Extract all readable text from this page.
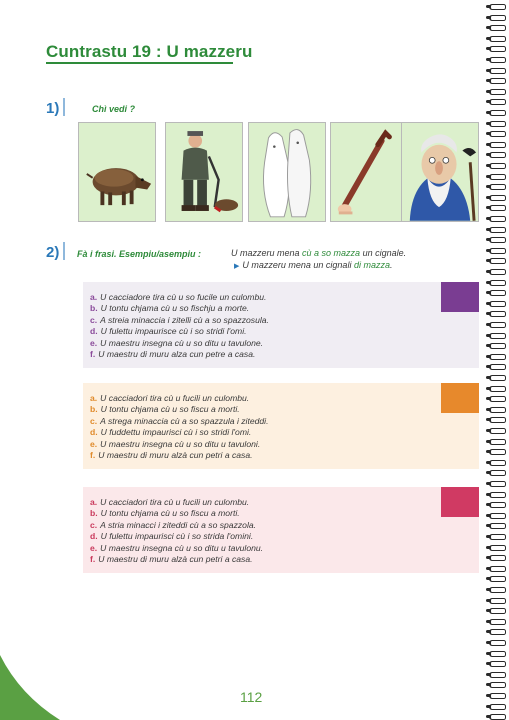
Cuntrastu 19 : U mazzeru
1)	Chì vedi ?
2)	Fà i frasi. Esempiu/asempiu :	U mazzeru mena cù a so mazza un cignale.
▶ U mazzeru mena un cignali di mazza.
a. U cacciadore tira cù u so fucile un culombu.
b. U tontu chjama cù u so fischju a morte.
c. A streia minaccia i zitelli cù a so spazzosula.
d. U fulettu impaurisce cù i so stridi l'omi.
e. U maestru insegna cù u so ditu u tavulone.
f. U maestru di muru alza cun petre a casa.
a. U cacciadori tira cù u fucili un culombu.
b. U tontu chjama cù u so fiscu a morti.
c. A strega minaccia cù a so spazzula i ziteddi.
d. U fuddettu impaurisci cù i so stridi l'omi.
e. U maestru insegna cù u so ditu u tavuloni.
f. U maestru di muru alzà cun petri a casa.
a. U cacciadori tira cù u fucili un culombu.
b. U tontu chjama cù u so fiscu a morti.
c. A stria minacci i ziteddi cù a so spazzola.
d. U fulettu impaurisci cù i so strida l'omini.
e. U maestru insegna cù u so ditu u tavulonu.
f. U maestru di muru alzà cun petri a casa.
112
